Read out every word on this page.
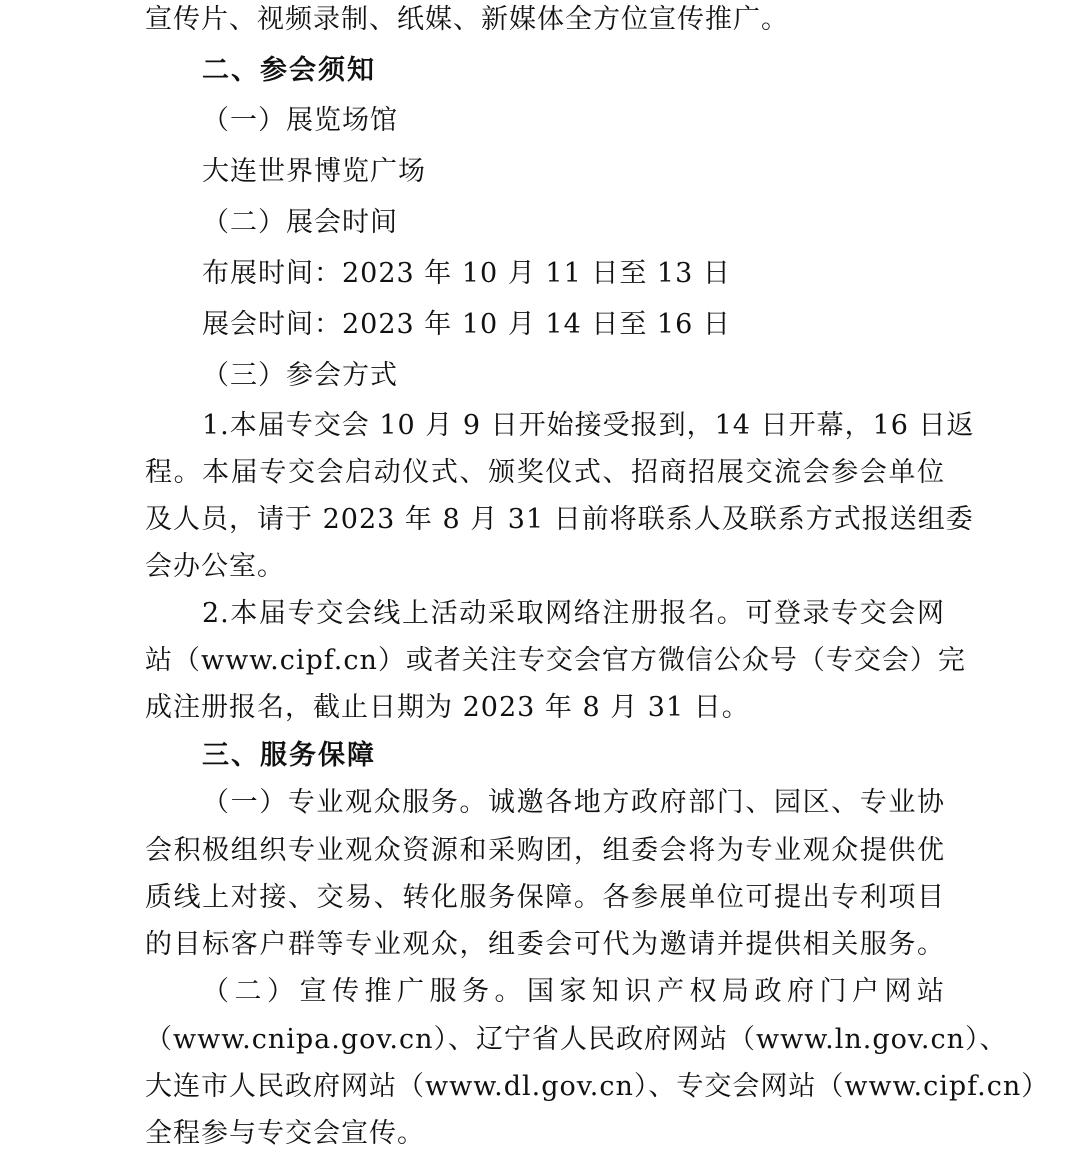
宣传片、视频录制、纸媒、新媒体全方位宣传推广。
二、参会须知
（一）展览场馆
大连世界博览广场
（二）展会时间
布展时间：2023 年 10 月 11 日至 13 日
展会时间：2023 年 10 月 14 日至 16 日
（三）参会方式
1.本届专交会 10 月 9 日开始接受报到，14 日开幕，16 日返
程。本届专交会启动仪式、颁奖仪式、招商招展交流会参会单位
及人员，请于 2023 年 8 月 31 日前将联系人及联系方式报送组委
会办公室。
2.本届专交会线上活动采取网络注册报名。可登录专交会网
站（www.cipf.cn）或者关注专交会官方微信公众号（专交会）完
成注册报名，截止日期为 2023 年 8 月 31 日。
三、服务保障
（一）专业观众服务。诚邀各地方政府部门、园区、专业协
会积极组织专业观众资源和采购团，组委会将为专业观众提供优
质线上对接、交易、转化服务保障。各参展单位可提出专利项目
的目标客户群等专业观众，组委会可代为邀请并提供相关服务。
（二）宣传推广服务。国家知识产权局政府门户网站
（www.cnipa.gov.cn）、辽宁省人民政府网站（www.ln.gov.cn）、
大连市人民政府网站（www.dl.gov.cn）、专交会网站（www.cipf.cn）
全程参与专交会宣传。
